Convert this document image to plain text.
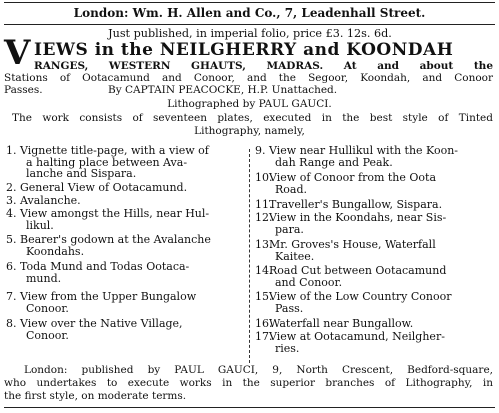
London: Wm. H. Allen and Co., 7, Leadenhall Street.
Just published, in imperial folio, price £3. 12s. 6d.
V IEWS in the NEILGHERRY and KOONDAH
RANGES, WESTERN GHAUTS, MADRAS. At and about the
Stations of Ootacamund and Conoor, and the Segoor, Koondah, and Conoor
Passes.	By CAPTAIN PEACOCKE, H.P. Unattached.
Lithographed by PAUL GAUCI.
The work consists of seventeen plates, executed in the best style of Tinted
Lithography, namely,
1. Vignette title-page, with a view of
a halting place between Ava-
lanche and Sispara.
2. General View of Ootacamund.
3. Avalanche.
4. View amongst the Hills, near Hul-
likul.
5. Bearer's godown at the Avalanche
Koondahs.
6. Toda Mund and Todas Ootaca-
mund.
7. View from the Upper Bungalow
Conoor.
8. View over the Native Village,
Conoor.
9. View near Hullikul with the Koon-
dah Range and Peak.
10.View of Conoor from the Oota
Road.
11.Traveller's Bungallow, Sispara.
12.View in the Koondahs, near Sis-
para.
13.Mr. Groves's House, Waterfall
Kaitee.
14.Road Cut between Ootacamund
and Conoor.
15.View of the Low Country Conoor
Pass.
16.Waterfall near Bungallow.
17.View at Ootacamund, Neilgher-
ries.
London: published by PAUL GAUCI, 9, North Crescent, Bedford-square,
who undertakes to execute works in the superior branches of Lithography, in
the first style, on moderate terms.
